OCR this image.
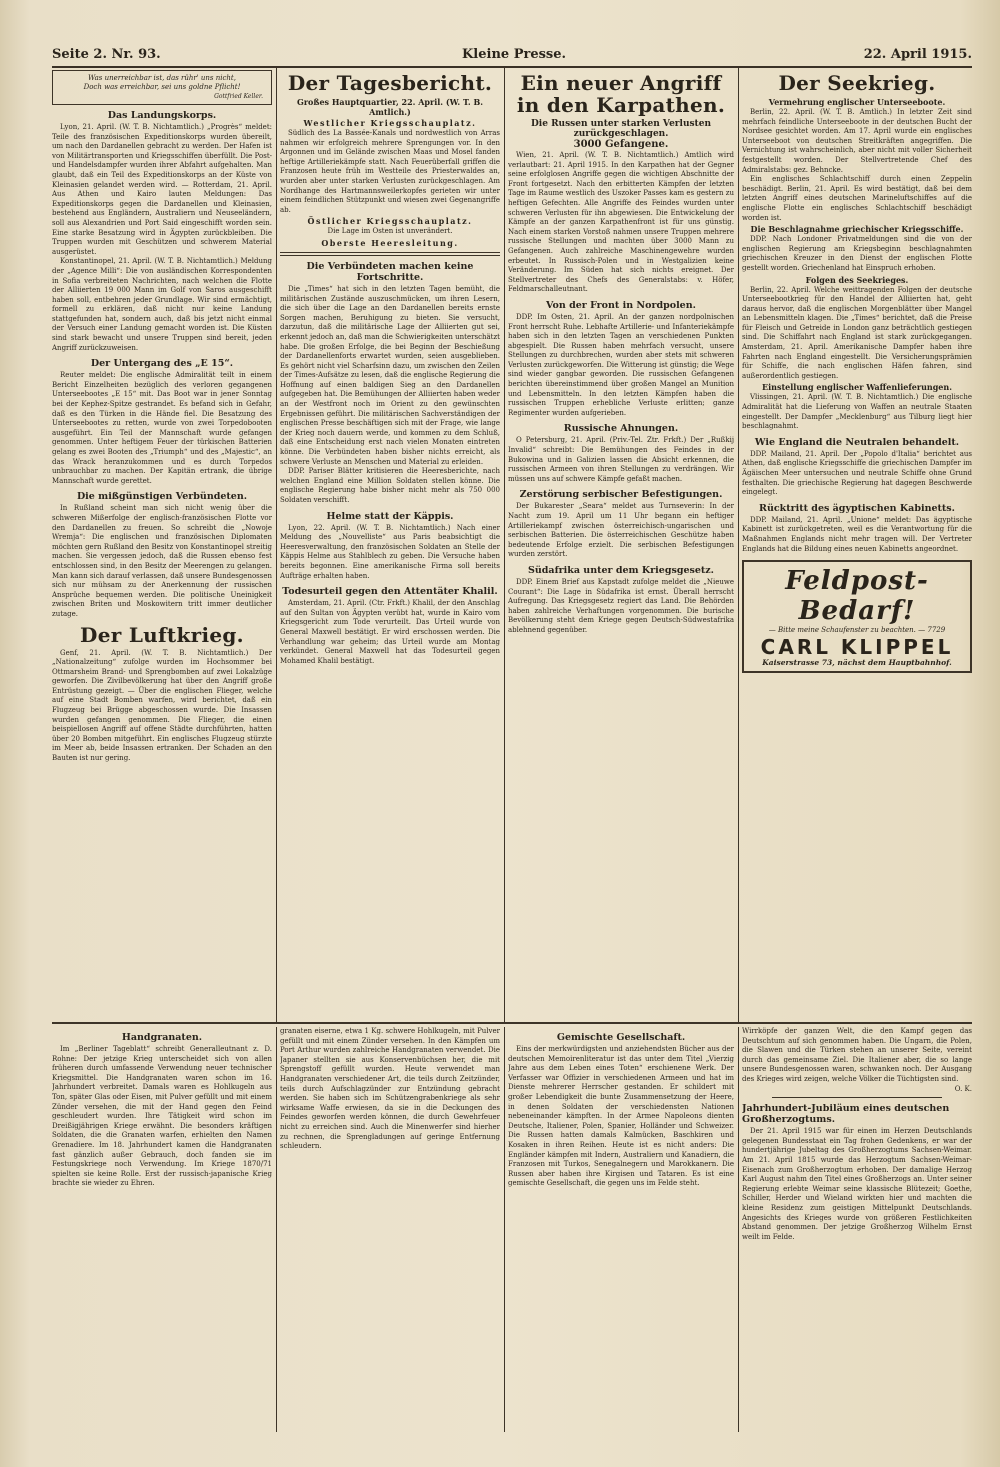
Seite 2. Nr. 93.	Kleine Presse.	22. April 1915.
Was unerreichbar ist, das rühr' uns nicht,
Doch was erreichbar, sei uns goldne Pflicht!
Gottfried Keller.
Das Landungskorps.

Lyon, 21. April. (W. T. B. Nichtamtlich.) „Progrès“ meldet: Teile des französischen Expeditionskorps wurden übereilt, um nach den Dardanellen gebracht zu werden. Der Hafen ist von Militärtransporten und Kriegsschiffen überfüllt. Die Post- und Handelsdampfer wurden ihrer Abfahrt aufgehalten. Man glaubt, daß ein Teil des Expeditionskorps an der Küste von Kleinasien gelandet werden wird. — Rotterdam, 21. April. Aus Athen und Kairo lauten Meldungen: Das Expeditionskorps gegen die Dardanellen und Kleinasien, bestehend aus Engländern, Australiern und Neuseeländern, soll aus Alexandrien und Port Said eingeschifft worden sein. Eine starke Besatzung wird in Ägypten zurückbleiben. Die Truppen wurden mit Geschützen und schwerem Material ausgerüstet.

Konstantinopel, 21. April. (W. T. B. Nichtamtlich.) Meldung der „Agence Milli“: Die von ausländischen Korrespondenten in Sofia verbreiteten Nachrichten, nach welchen die Flotte der Alliierten 19 000 Mann im Golf von Saros ausgeschifft haben soll, entbehren jeder Grundlage. Wir sind ermächtigt, formell zu erklären, daß nicht nur keine Landung stattgefunden hat, sondern auch, daß bis jetzt nicht einmal der Versuch einer Landung gemacht worden ist. Die Küsten sind stark bewacht und unsere Truppen sind bereit, jeden Angriff zurückzuweisen.

Der Untergang des „E 15“.

Reuter meldet: Die englische Admiralität teilt in einem Bericht Einzelheiten bezüglich des verloren gegangenen Unterseebootes „E 15“ mit. Das Boot war in jener Sonntag bei der Kephez-Spitze gestrandet. Es befand sich in Gefahr, daß es den Türken in die Hände fiel. Die Besatzung des Unterseebootes zu retten, wurde von zwei Torpedobooten ausgeführt. Ein Teil der Mannschaft wurde gefangen genommen. Unter heftigem Feuer der türkischen Batterien gelang es zwei Booten des „Triumph“ und des „Majestic“, an das Wrack heranzukommen und es durch Torpedos unbrauchbar zu machen. Der Kapitän ertrank, die übrige Mannschaft wurde gerettet.

Die mißgünstigen Verbündeten.

In Rußland scheint man sich nicht wenig über die schweren Mißerfolge der englisch-französischen Flotte vor den Dardanellen zu freuen. So schreibt die „Nowoje Wremja“: Die englischen und französischen Diplomaten möchten gern Rußland den Besitz von Konstantinopel streitig machen. Sie vergessen jedoch, daß die Russen ebenso fest entschlossen sind, in den Besitz der Meerengen zu gelangen. Man kann sich darauf verlassen, daß unsere Bundesgenossen sich nur mühsam zu der Anerkennung der russischen Ansprüche bequemen werden. Die politische Uneinigkeit zwischen Briten und Moskowitern tritt immer deutlicher zutage.

Der Luftkrieg.

Genf, 21. April. (W. T. B. Nichtamtlich.) Der „Nationalzeitung“ zufolge wurden im Hochsommer bei Ottmarsheim Brand- und Sprengbomben auf zwei Lokalzüge geworfen. Die Zivilbevölkerung hat über den Angriff große Entrüstung gezeigt. — Über die englischen Flieger, welche auf eine Stadt Bomben warfen, wird berichtet, daß ein Flugzeug bei Brügge abgeschossen wurde. Die Insassen wurden gefangen genommen. Die Flieger, die einen beispiellosen Angriff auf offene Städte durchführten, hatten über 20 Bomben mitgeführt. Ein englisches Flugzeug stürzte im Meer ab, beide Insassen ertranken. Der Schaden an den Bauten ist nur gering.

Der Tagesbericht.
Großes Hauptquartier, 22. April. (W. T. B. Amtlich.)
Westlicher Kriegsschauplatz.

Südlich des La Bassée-Kanals und nordwestlich von Arras nahmen wir erfolgreich mehrere Sprengungen vor. In den Argonnen und im Gelände zwischen Maas und Mosel fanden heftige Artilleriekämpfe statt. Nach Feuerüberfall griffen die Franzosen heute früh im Westteile des Priesterwaldes an, wurden aber unter starken Verlusten zurückgeschlagen. Am Nordhange des Hartmannsweilerkopfes gerieten wir unter einem feindlichen Stützpunkt und wiesen zwei Gegenangriffe ab.

Östlicher Kriegsschauplatz.

Die Lage im Osten ist unverändert.

Oberste Heeresleitung.
Die Verbündeten machen keine Fortschritte.

Die „Times“ hat sich in den letzten Tagen bemüht, die militärischen Zustände auszuschmücken, um ihren Lesern, die sich über die Lage an den Dardanellen bereits ernste Sorgen machen, Beruhigung zu bieten. Sie versucht, darzutun, daß die militärische Lage der Alliierten gut sei, erkennt jedoch an, daß man die Schwierigkeiten unterschätzt habe. Die großen Erfolge, die bei Beginn der Beschießung der Dardanellenforts erwartet wurden, seien ausgeblieben. Es gehört nicht viel Scharfsinn dazu, um zwischen den Zeilen der Times-Aufsätze zu lesen, daß die englische Regierung die Hoffnung auf einen baldigen Sieg an den Dardanellen aufgegeben hat. Die Bemühungen der Alliierten haben weder an der Westfront noch im Orient zu den gewünschten Ergebnissen geführt. Die militärischen Sachverständigen der englischen Presse beschäftigen sich mit der Frage, wie lange der Krieg noch dauern werde, und kommen zu dem Schluß, daß eine Entscheidung erst nach vielen Monaten eintreten könne. Die Verbündeten haben bisher nichts erreicht, als schwere Verluste an Menschen und Material zu erleiden.

DDP. Pariser Blätter kritisieren die Heeresberichte, nach welchen England eine Million Soldaten stellen könne. Die englische Regierung habe bisher nicht mehr als 750 000 Soldaten verschifft.

Helme statt der Käppis.

Lyon, 22. April. (W. T. B. Nichtamtlich.) Nach einer Meldung des „Nouvelliste“ aus Paris beabsichtigt die Heeresverwaltung, den französischen Soldaten an Stelle der Käppis Helme aus Stahlblech zu geben. Die Versuche haben bereits begonnen. Eine amerikanische Firma soll bereits Aufträge erhalten haben.

Todesurteil gegen den Attentäter Khalil.

Amsterdam, 21. April. (Ctr. Frkft.) Khalil, der den Anschlag auf den Sultan von Ägypten verübt hat, wurde in Kairo vom Kriegsgericht zum Tode verurteilt. Das Urteil wurde von General Maxwell bestätigt. Er wird erschossen werden. Die Verhandlung war geheim; das Urteil wurde am Montag verkündet. General Maxwell hat das Todesurteil gegen Mohamed Khalil bestätigt.

Ein neuer Angriff in den Karpathen.
Die Russen unter starken Verlusten zurückgeschlagen.
3000 Gefangene.

Wien, 21. April. (W. T. B. Nichtamtlich.) Amtlich wird verlautbart: 21. April 1915. In den Karpathen hat der Gegner seine erfolglosen Angriffe gegen die wichtigen Abschnitte der Front fortgesetzt. Nach den erbitterten Kämpfen der letzten Tage im Raume westlich des Uszoker Passes kam es gestern zu heftigen Gefechten. Alle Angriffe des Feindes wurden unter schweren Verlusten für ihn abgewiesen. Die Entwickelung der Kämpfe an der ganzen Karpathenfront ist für uns günstig. Nach einem starken Vorstoß nahmen unsere Truppen mehrere russische Stellungen und machten über 3000 Mann zu Gefangenen. Auch zahlreiche Maschinengewehre wurden erbeutet. In Russisch-Polen und in Westgalizien keine Veränderung. Im Süden hat sich nichts ereignet. Der Stellvertreter des Chefs des Generalstabs: v. Höfer, Feldmarschalleutnant.

Von der Front in Nordpolen.

DDP. Im Osten, 21. April. An der ganzen nordpolnischen Front herrscht Ruhe. Lebhafte Artillerie- und Infanteriekämpfe haben sich in den letzten Tagen an verschiedenen Punkten abgespielt. Die Russen haben mehrfach versucht, unsere Stellungen zu durchbrechen, wurden aber stets mit schweren Verlusten zurückgeworfen. Die Witterung ist günstig; die Wege sind wieder gangbar geworden. Die russischen Gefangenen berichten übereinstimmend über großen Mangel an Munition und Lebensmitteln. In den letzten Kämpfen haben die russischen Truppen erhebliche Verluste erlitten; ganze Regimenter wurden aufgerieben.

Russische Ahnungen.

O Petersburg, 21. April. (Priv.-Tel. Ztr. Frkft.) Der „Rußkij Invalid“ schreibt: Die Bemühungen des Feindes in der Bukowina und in Galizien lassen die Absicht erkennen, die russischen Armeen von ihren Stellungen zu verdrängen. Wir müssen uns auf schwere Kämpfe gefaßt machen.

Zerstörung serbischer Befestigungen.

Der Bukarester „Seara“ meldet aus Turnseverin: In der Nacht zum 19. April um 11 Uhr begann ein heftiger Artilleriekampf zwischen österreichisch-ungarischen und serbischen Batterien. Die österreichischen Geschütze haben bedeutende Erfolge erzielt. Die serbischen Befestigungen wurden zerstört.

Südafrika unter dem Kriegsgesetz.

DDP. Einem Brief aus Kapstadt zufolge meldet die „Nieuwe Courant“: Die Lage in Südafrika ist ernst. Überall herrscht Aufregung. Das Kriegsgesetz regiert das Land. Die Behörden haben zahlreiche Verhaftungen vorgenommen. Die burische Bevölkerung steht dem Kriege gegen Deutsch-Südwestafrika ablehnend gegenüber.

Der Seekrieg.
Vermehrung englischer Unterseeboote.

Berlin, 22. April. (W. T. B. Amtlich.) In letzter Zeit sind mehrfach feindliche Unterseeboote in der deutschen Bucht der Nordsee gesichtet worden. Am 17. April wurde ein englisches Unterseeboot von deutschen Streitkräften angegriffen. Die Vernichtung ist wahrscheinlich, aber nicht mit voller Sicherheit festgestellt worden. Der Stellvertretende Chef des Admiralstabs: gez. Behncke.

Ein englisches Schlachtschiff durch einen Zeppelin beschädigt. Berlin, 21. April. Es wird bestätigt, daß bei dem letzten Angriff eines deutschen Marineluftschiffes auf die englische Flotte ein englisches Schlachtschiff beschädigt worden ist.

Die Beschlagnahme griechischer Kriegsschiffe.

DDP. Nach Londoner Privatmeldungen sind die von der englischen Regierung am Kriegsbeginn beschlagnahmten griechischen Kreuzer in den Dienst der englischen Flotte gestellt worden. Griechenland hat Einspruch erhoben.

Folgen des Seekrieges.

Berlin, 22. April. Welche weittragenden Folgen der deutsche Unterseebootkrieg für den Handel der Alliierten hat, geht daraus hervor, daß die englischen Morgenblätter über Mangel an Lebensmitteln klagen. Die „Times“ berichtet, daß die Preise für Fleisch und Getreide in London ganz beträchtlich gestiegen sind. Die Schiffahrt nach England ist stark zurückgegangen. Amsterdam, 21. April. Amerikanische Dampfer haben ihre Fahrten nach England eingestellt. Die Versicherungsprämien für Schiffe, die nach englischen Häfen fahren, sind außerordentlich gestiegen.

Einstellung englischer Waffenlieferungen.

Vlissingen, 21. April. (W. T. B. Nichtamtlich.) Die englische Admiralität hat die Lieferung von Waffen an neutrale Staaten eingestellt. Der Dampfer „Mecklenburg“ aus Tilburg liegt hier beschlagnahmt.

Wie England die Neutralen behandelt.

DDP. Mailand, 21. April. Der „Popolo d'Italia“ berichtet aus Athen, daß englische Kriegsschiffe die griechischen Dampfer im Ägäischen Meer untersuchen und neutrale Schiffe ohne Grund festhalten. Die griechische Regierung hat dagegen Beschwerde eingelegt.

Rücktritt des ägyptischen Kabinetts.

DDP. Mailand, 21. April. „Unione“ meldet: Das ägyptische Kabinett ist zurückgetreten, weil es die Verantwortung für die Maßnahmen Englands nicht mehr tragen will. Der Vertreter Englands hat die Bildung eines neuen Kabinetts angeordnet.

Feldpost-Bedarf!
— Bitte meine Schaufenster zu beachten. — 7729
CARL KLIPPEL
Kaiserstrasse 73, nächst dem Hauptbahnhof.
Handgranaten.

Im „Berliner Tageblatt“ schreibt Generalleutnant z. D. Rohne: Der jetzige Krieg unterscheidet sich von allen früheren durch umfassende Verwendung neuer technischer Kriegsmittel. Die Handgranaten waren schon im 16. Jahrhundert verbreitet. Damals waren es Hohlkugeln aus Ton, später Glas oder Eisen, mit Pulver gefüllt und mit einem Zünder versehen, die mit der Hand gegen den Feind geschleudert wurden. Ihre Tätigkeit wird schon im Dreißigjährigen Kriege erwähnt. Die besonders kräftigen Soldaten, die die Granaten warfen, erhielten den Namen Grenadiere. Im 18. Jahrhundert kamen die Handgranaten fast gänzlich außer Gebrauch, doch fanden sie im Festungskriege noch Verwendung. Im Kriege 1870/71 spielten sie keine Rolle. Erst der russisch-japanische Krieg brachte sie wieder zu Ehren.

granaten eiserne, etwa 1 Kg. schwere Hohlkugeln, mit Pulver gefüllt und mit einem Zünder versehen. In den Kämpfen um Port Arthur wurden zahlreiche Handgranaten verwendet. Die Japaner stellten sie aus Konservenbüchsen her, die mit Sprengstoff gefüllt wurden. Heute verwendet man Handgranaten verschiedener Art, die teils durch Zeitzünder, teils durch Aufschlagzünder zur Entzündung gebracht werden. Sie haben sich im Schützengrabenkriege als sehr wirksame Waffe erwiesen, da sie in die Deckungen des Feindes geworfen werden können, die durch Gewehrfeuer nicht zu erreichen sind. Auch die Minenwerfer sind hierher zu rechnen, die Sprengladungen auf geringe Entfernung schleudern.

Gemischte Gesellschaft.

Eins der merkwürdigsten und anziehendsten Bücher aus der deutschen Memoirenliteratur ist das unter dem Titel „Vierzig Jahre aus dem Leben eines Toten“ erschienene Werk. Der Verfasser war Offizier in verschiedenen Armeen und hat im Dienste mehrerer Herrscher gestanden. Er schildert mit großer Lebendigkeit die bunte Zusammensetzung der Heere, in denen Soldaten der verschiedensten Nationen nebeneinander kämpften. In der Armee Napoleons dienten Deutsche, Italiener, Polen, Spanier, Holländer und Schweizer. Die Russen hatten damals Kalmücken, Baschkiren und Kosaken in ihren Reihen. Heute ist es nicht anders: Die Engländer kämpfen mit Indern, Australiern und Kanadiern, die Franzosen mit Turkos, Senegalnegern und Marokkanern. Die Russen aber haben ihre Kirgisen und Tataren. Es ist eine gemischte Gesellschaft, die gegen uns im Felde steht.

Wirrköpfe der ganzen Welt, die den Kampf gegen das Deutschtum auf sich genommen haben. Die Ungarn, die Polen, die Slawen und die Türken stehen an unserer Seite, vereint durch das gemeinsame Ziel. Die Italiener aber, die so lange unsere Bundesgenossen waren, schwanken noch. Der Ausgang des Krieges wird zeigen, welche Völker die Tüchtigsten sind.

O. K.
Jahrhundert-Jubiläum eines deutschen Großherzogtums.

Der 21. April 1915 war für einen im Herzen Deutschlands gelegenen Bundesstaat ein Tag frohen Gedenkens, er war der hundertjährige Jubeltag des Großherzogtums Sachsen-Weimar. Am 21. April 1815 wurde das Herzogtum Sachsen-Weimar-Eisenach zum Großherzogtum erhoben. Der damalige Herzog Karl August nahm den Titel eines Großherzogs an. Unter seiner Regierung erlebte Weimar seine klassische Blütezeit; Goethe, Schiller, Herder und Wieland wirkten hier und machten die kleine Residenz zum geistigen Mittelpunkt Deutschlands. Angesichts des Krieges wurde von größeren Festlichkeiten Abstand genommen. Der jetzige Großherzog Wilhelm Ernst weilt im Felde.
